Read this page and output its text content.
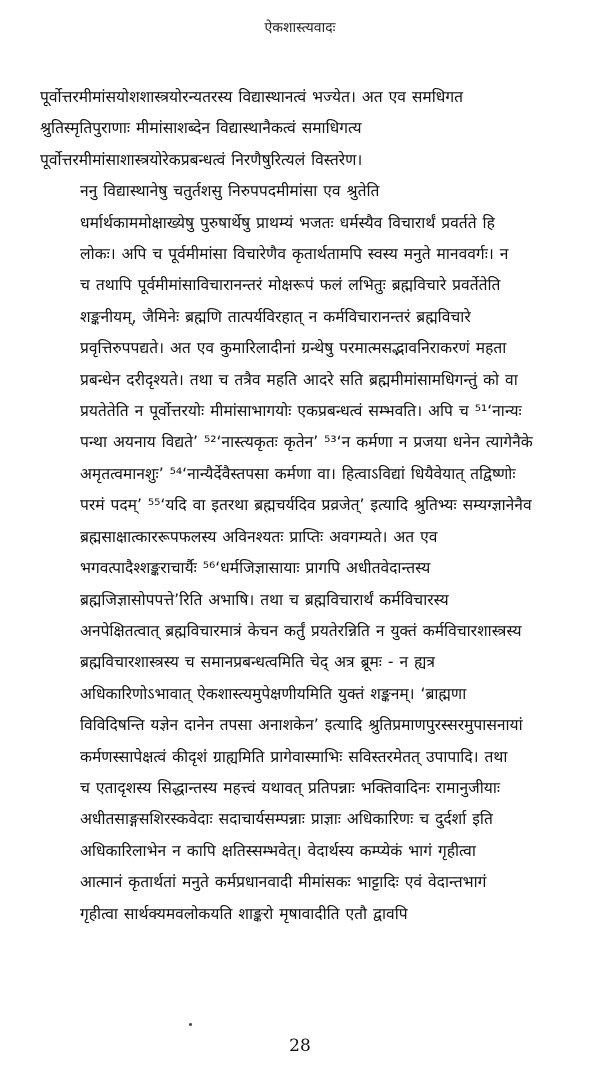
ऐकशास्त्यवादः

पूर्वोत्तरमीमांसयोशशास्त्रयोरन्यतरस्य विद्यास्थानत्वं भज्येत। अत एव समधिगत
श्रुतिस्मृतिपुराणाः मीमांसाशब्देन विद्यास्थानैकत्वं समाधिगत्य
पूर्वोत्तरमीमांसाशास्त्रयोरेकप्रबन्धत्वं निरणैषुरित्यलं विस्तरेण।

ननु विद्यास्थानेषु चतुर्तशसु निरुपपदमीमांसा एव श्रुतेति
धर्मार्थकाममोक्षाख्येषु पुरुषार्थेषु प्राथम्यं भजतः धर्मस्यैव विचारार्थं प्रवर्तते हि
लोकः। अपि च पूर्वमीमांसा विचारेणैव कृतार्थतामपि स्वस्य मनुते मानववर्गः। न
च तथापि पूर्वमीमांसाविचारानन्तरं मोक्षरूपं फलं लभितुः ब्रह्मविचारे प्रवर्तेतेति
शङ्कनीयम्, जैमिनेः ब्रह्मणि तात्पर्यविरहात् न कर्मविचारानन्तरं ब्रह्मविचारे
प्रवृत्तिरुपपद्यते। अत एव कुमारिलादीनां ग्रन्थेषु परमात्मसद्भावनिराकरणं महता
प्रबन्धेन दरीदृश्यते। तथा च तत्रैव महति आदरे सति ब्रह्ममीमांसामधिगन्तुं को वा
प्रयतेतेति न पूर्वोत्तरयोः मीमांसाभागयोः एकप्रबन्धत्वं सम्भवति। अपि च ⁵¹‘नान्यः
पन्था अयनाय विद्यते’ ⁵²‘नास्त्यकृतः कृतेन’ ⁵³‘न कर्मणा न प्रजया धनेन त्यागेनैके
अमृतत्वमानशुः’ ⁵⁴‘नान्यैर्देवैस्तपसा कर्मणा वा। हित्वाऽविद्यां धियैवेयात् तद्विष्णोः
परमं पदम्’ ⁵⁵‘यदि वा इतरथा ब्रह्मचर्यदिव प्रव्रजेत्’ इत्यादि श्रुतिभ्यः सम्यग्ज्ञानेनैव
ब्रह्मसाक्षात्काररूपफलस्य अविनश्यतः प्राप्तिः अवगम्यते। अत एव
भगवत्पादैश्शङ्कराचार्यैः ⁵⁶‘धर्मजिज्ञासायाः प्रागपि अधीतवेदान्तस्य
ब्रह्मजिज्ञासोपपत्ते’रिति अभाषि। तथा च ब्रह्मविचारार्थं कर्मविचारस्य
अनपेक्षितत्वात् ब्रह्मविचारमात्रं केचन कर्तुं प्रयतेरन्निति न युक्तं कर्मविचारशास्त्रस्य
ब्रह्मविचारशास्त्रस्य च समानप्रबन्धत्वमिति चेद् अत्र ब्रूमः - न ह्यत्र
अधिकारिणोऽभावात् ऐकशास्त्यमुपेक्षणीयमिति युक्तं शङ्कनम्। ‘ब्राह्मणा
विविदिषन्ति यज्ञेन दानेन तपसा अनाशकेन’ इत्यादि श्रुतिप्रमाणपुरस्सरमुपासनायां
कर्मणस्सापेक्षत्वं कीदृशं ग्राह्यमिति प्रागेवास्माभिः सविस्तरमेतत् उपापादि। तथा
च एतादृशस्य सिद्धान्तस्य महत्त्वं यथावत् प्रतिपन्नाः भक्तिवादिनः रामानुजीयाः
अधीतसाङ्गसशिरस्कवेदाः सदाचार्यसम्पन्नाः प्राज्ञाः अधिकारिणः च दुर्दर्शा इति
अधिकारिलाभेन न कापि क्षतिस्सम्भवेत्। वेदार्थस्य कम्प्येकं भागं गृहीत्वा
आत्मानं कृतार्थतां मनुते कर्मप्रधानवादी मीमांसकः भाट्टादिः एवं वेदान्तभागं
गृहीत्वा सार्थक्यमवलोकयति शाङ्करो मृषावादीति एतौ द्वावपि

28
